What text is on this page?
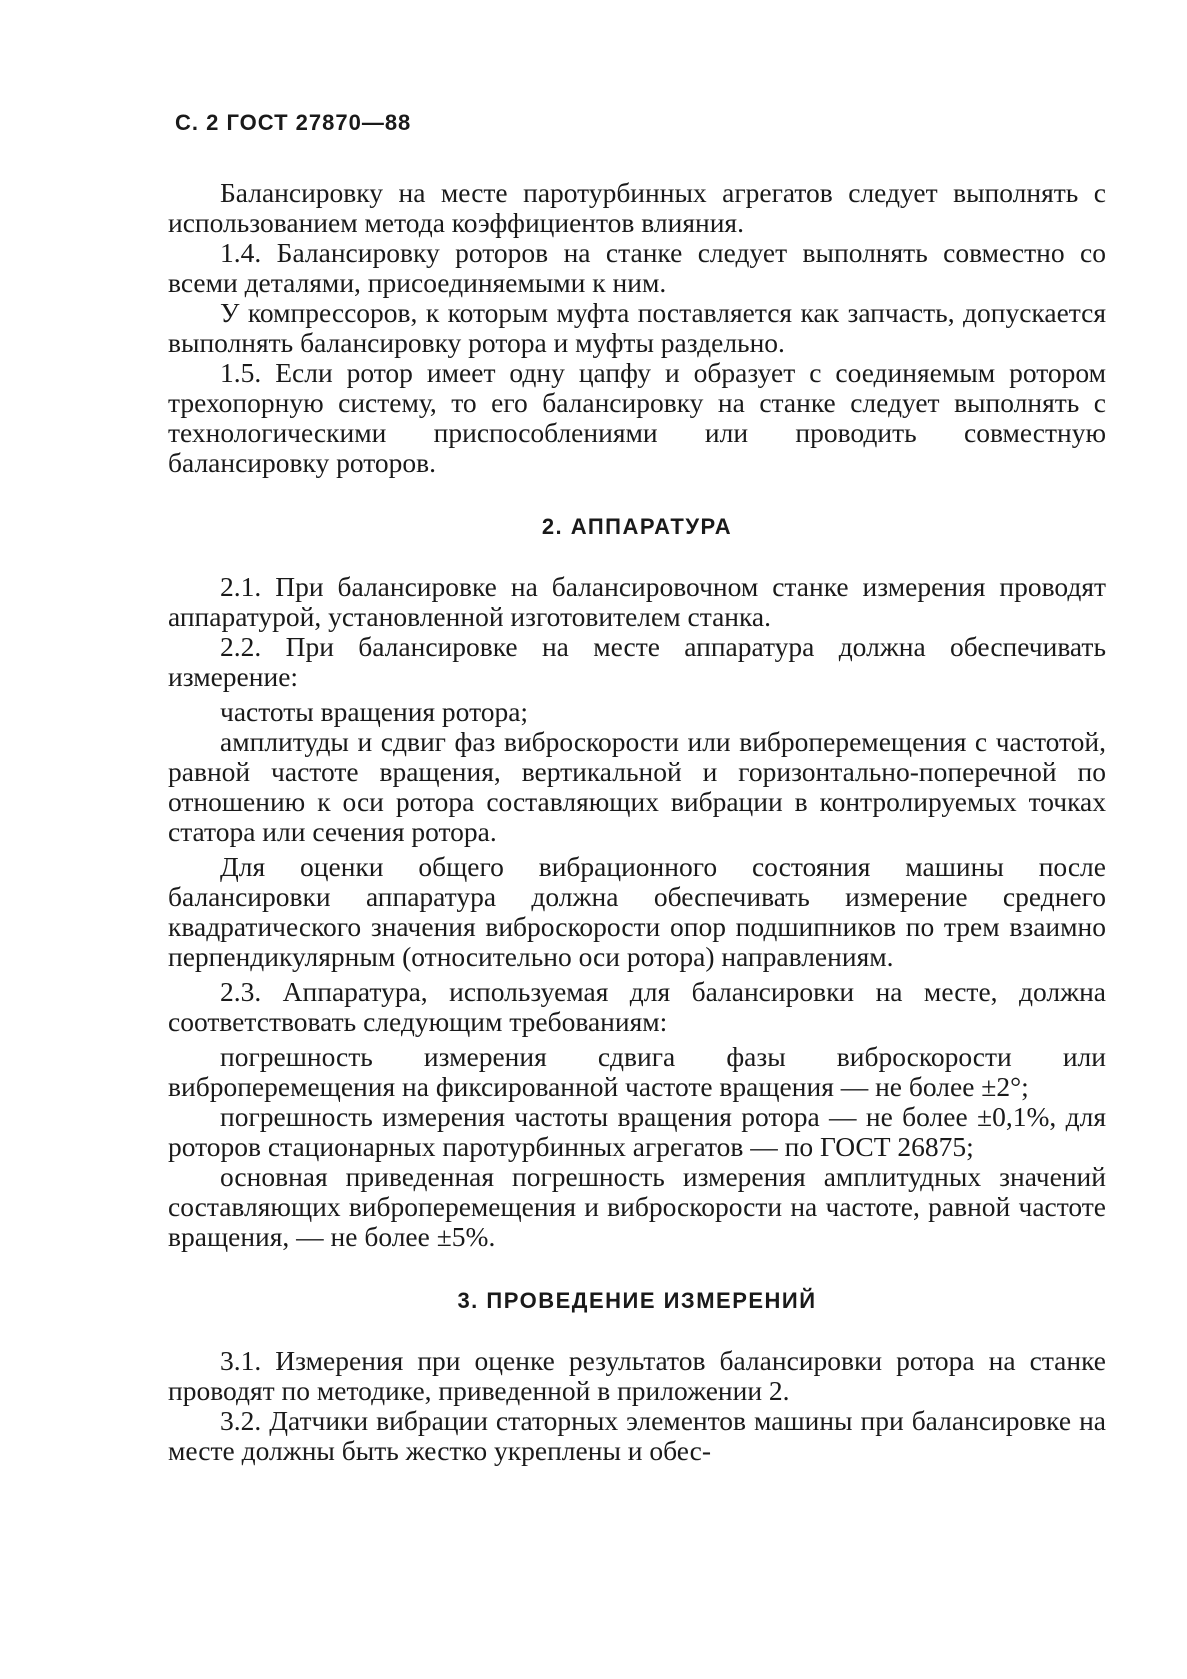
С. 2 ГОСТ 27870—88

Балансировку на месте паротурбинных агрегатов следует выполнять с использованием метода коэффициентов влияния.

1.4. Балансировку роторов на станке следует выполнять совместно со всеми деталями, присоединяемыми к ним.

У компрессоров, к которым муфта поставляется как запчасть, допускается выполнять балансировку ротора и муфты раздельно.

1.5. Если ротор имеет одну цапфу и образует с соединяемым ротором трехопорную систему, то его балансировку на станке следует выполнять с технологическими приспособлениями или проводить совместную балансировку роторов.

2. АППАРАТУРА

2.1. При балансировке на балансировочном станке измерения проводят аппаратурой, установленной изготовителем станка.

2.2. При балансировке на месте аппаратура должна обеспечивать измерение:

частоты вращения ротора;

амплитуды и сдвиг фаз виброскорости или виброперемещения с частотой, равной частоте вращения, вертикальной и горизонтально-поперечной по отношению к оси ротора составляющих вибрации в контролируемых точках статора или сечения ротора.

Для оценки общего вибрационного состояния машины после балансировки аппаратура должна обеспечивать измерение среднего квадратического значения виброскорости опор подшипников по трем взаимно перпендикулярным (относительно оси ротора) направлениям.

2.3. Аппаратура, используемая для балансировки на месте, должна соответствовать следующим требованиям:

погрешность измерения сдвига фазы виброскорости или виброперемещения на фиксированной частоте вращения — не более ±2°;

погрешность измерения частоты вращения ротора — не более ±0,1%, для роторов стационарных паротурбинных агрегатов — по ГОСТ 26875;

основная приведенная погрешность измерения амплитудных значений составляющих виброперемещения и виброскорости на частоте, равной частоте вращения, — не более ±5%.

3. ПРОВЕДЕНИЕ ИЗМЕРЕНИЙ

3.1. Измерения при оценке результатов балансировки ротора на станке проводят по методике, приведенной в приложении 2.

3.2. Датчики вибрации статорных элементов машины при балансировке на месте должны быть жестко укреплены и обес-
